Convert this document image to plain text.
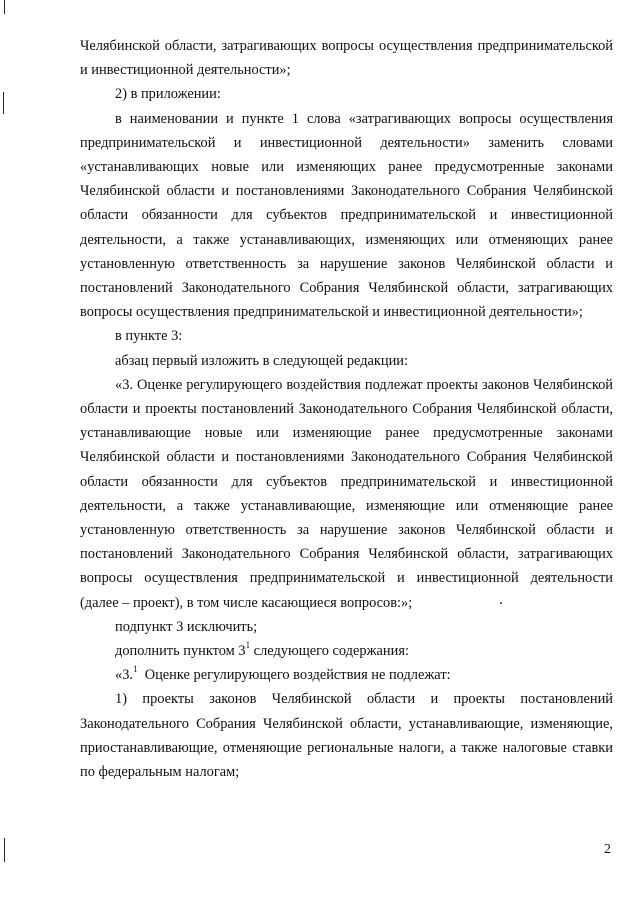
Челябинской области, затрагивающих вопросы осуществления предпринимательской и инвестиционной деятельности»;

2) в приложении:

в наименовании и пункте 1 слова «затрагивающих вопросы осуществления предпринимательской и инвестиционной деятельности» заменить словами «устанавливающих новые или изменяющих ранее предусмотренные законами Челябинской области и постановлениями Законодательного Собрания Челябинской области обязанности для субъектов предпринимательской и инвестиционной деятельности, а также устанавливающих, изменяющих или отменяющих ранее установленную ответственность за нарушение законов Челябинской области и постановлений Законодательного Собрания Челябинской области, затрагивающих вопросы осуществления предпринимательской и инвестиционной деятельности»;

в пункте 3:

абзац первый изложить в следующей редакции:

«3. Оценке регулирующего воздействия подлежат проекты законов Челябинской области и проекты постановлений Законодательного Собрания Челябинской области, устанавливающие новые или изменяющие ранее предусмотренные законами Челябинской области и постановлениями Законодательного Собрания Челябинской области обязанности для субъектов предпринимательской и инвестиционной деятельности, а также устанавливающие, изменяющие или отменяющие ранее установленную ответственность за нарушение законов Челябинской области и постановлений Законодательного Собрания Челябинской области, затрагивающих вопросы осуществления предпринимательской и инвестиционной деятельности (далее – проект), в том числе касающиеся вопросов:»;

подпункт 3 исключить;

дополнить пунктом $3^1$ следующего содержания:

«3.$^1$  Оценке регулирующего воздействия не подлежат:

1) проекты законов Челябинской области и проекты постановлений Законодательного Собрания Челябинской области, устанавливающие, изменяющие, приостанавливающие, отменяющие региональные налоги, а также налоговые ставки по федеральным налогам;

2
